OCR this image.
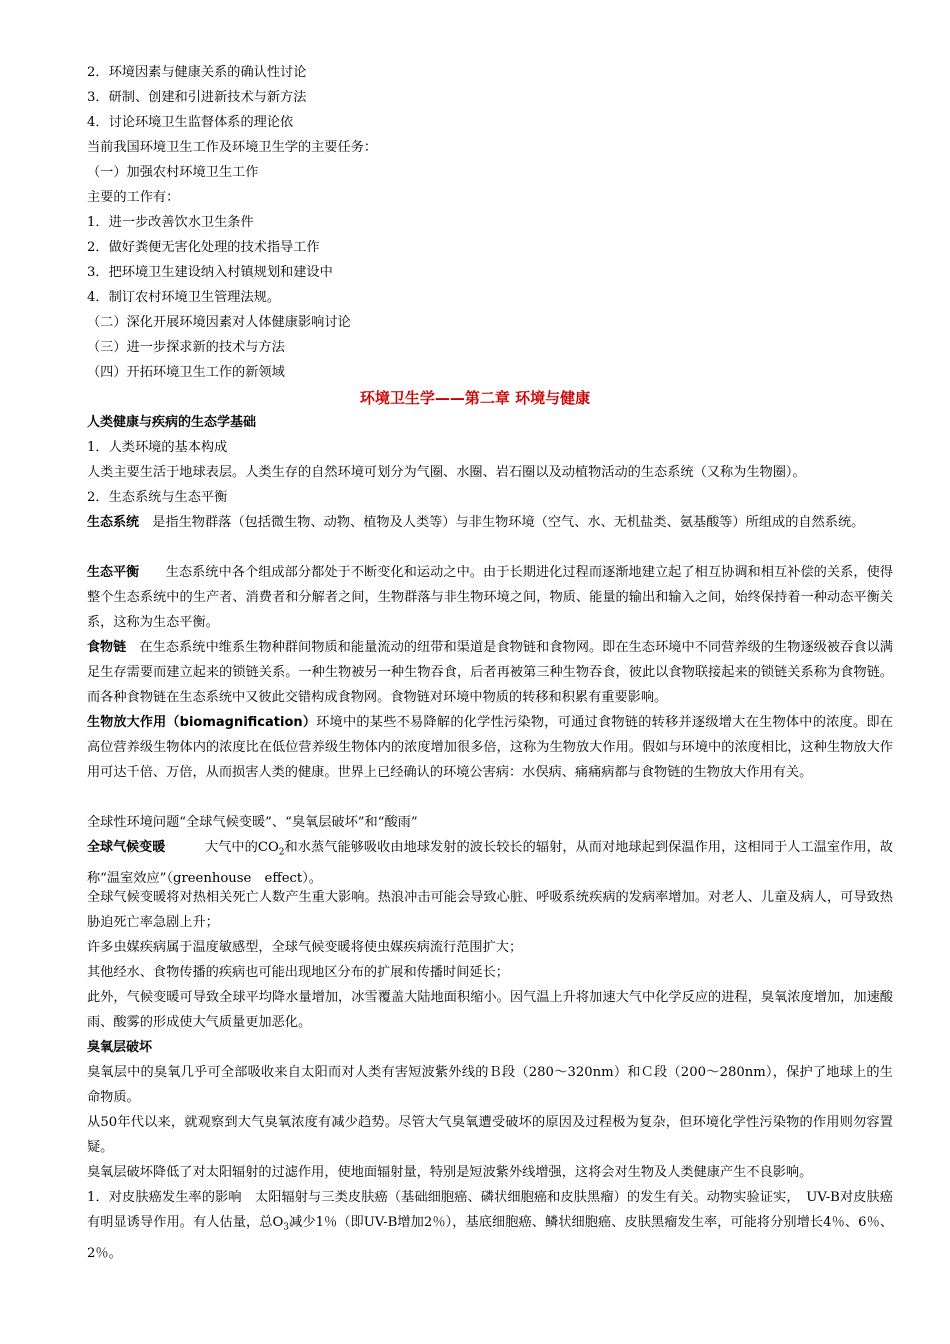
2．环境因素与健康关系的确认性讨论
3．研制、创建和引进新技术与新方法
4．讨论环境卫生监督体系的理论依
当前我国环境卫生工作及环境卫生学的主要任务：
（一）加强农村环境卫生工作
主要的工作有：
1．进一步改善饮水卫生条件
2．做好粪便无害化处理的技术指导工作
3．把环境卫生建设纳入村镇规划和建设中
4．制订农村环境卫生管理法规。
（二）深化开展环境因素对人体健康影响讨论
（三）进一步探求新的技术与方法
（四）开拓环境卫生工作的新领域
环境卫生学——第二章 环境与健康
人类健康与疾病的生态学基础
1．人类环境的基本构成
人类主要生活于地球表层。人类生存的自然环境可划分为气圈、水圈、岩石圈以及动植物活动的生态系统（又称为生物圈）。
2．生态系统与生态平衡
生态系统　 是指生物群落（包括微生物、动物、植物及人类等）与非生物环境（空气、水、无机盐类、氨基酸等）所组成的自然系统。
生态平衡　　 生态系统中各个组成部分都处于不断变化和运动之中。由于长期进化过程而逐渐地建立起了相互协调和相互补偿的关系，使得整个生态系统中的生产者、消费者和分解者之间，生物群落与非生物环境之间，物质、能量的输出和输入之间，始终保持着一种动态平衡关系，这称为生态平衡。
食物链　 在生态系统中维系生物种群间物质和能量流动的纽带和渠道是食物链和食物网。即在生态环境中不同营养级的生物逐级被吞食以满足生存需要而建立起来的锁链关系。一种生物被另一种生物吞食，后者再被第三种生物吞食，彼此以食物联接起来的锁链关系称为食物链。而各种食物链在生态系统中又彼此交错构成食物网。食物链对环境中物质的转移和积累有重要影响。
生物放大作用（biomagnification）环境中的某些不易降解的化学性污染物，可通过食物链的转移并逐级增大在生物体中的浓度。即在高位营养级生物体内的浓度比在低位营养级生物体内的浓度增加很多倍，这称为生物放大作用。假如与环境中的浓度相比，这种生物放大作用可达千倍、万倍，从而损害人类的健康。世界上已经确认的环境公害病：水俣病、痛痛病都与食物链的生物放大作用有关。
全球性环境问题“全球气候变暖”、“臭氧层破坏”和“酸雨”
全球气候变暖　　　	大气中的$CO_2$和水蒸气能够吸收由地球发射的波长较长的辐射，从而对地球起到保温作用，这相同于人工温室作用，故称“温室效应”（greenhouse　effect）。
全球气候变暖将对热相关死亡人数产生重大影响。热浪冲击可能会导致心脏、呼吸系统疾病的发病率增加。对老人、儿童及病人，可导致热胁迫死亡率急剧上升；
许多虫媒疾病属于温度敏感型，全球气候变暖将使虫媒疾病流行范围扩大；
其他经水、食物传播的疾病也可能出现地区分布的扩展和传播时间延长；
此外，气候变暖可导致全球平均降水量增加，冰雪覆盖大陆地面积缩小。因气温上升将加速大气中化学反应的进程，臭氧浓度增加，加速酸雨、酸雾的形成使大气质量更加恶化。
臭氧层破坏
臭氧层中的臭氧几乎可全部吸收来自太阳而对人类有害短波紫外线的Ｂ段（280～320nm）和Ｃ段（200～280nm），保护了地球上的生命物质。
从50年代以来，就观察到大气臭氧浓度有减少趋势。尽管大气臭氧遭受破坏的原因及过程极为复杂，但环境化学性污染物的作用则勿容置疑。
臭氧层破坏降低了对太阳辐射的过滤作用，使地面辐射量，特别是短波紫外线增强，这将会对生物及人类健康产生不良影响。
1．对皮肤癌发生率的影响　太阳辐射与三类皮肤癌（基础细胞癌、磷状细胞癌和皮肤黑瘤）的发生有关。动物实验证实，　UV-B对皮肤癌有明显诱导作用。有人估量，总$O_3$减少1％（即UV-B增加2％），基底细胞癌、鳞状细胞癌、皮肤黑瘤发生率，可能将分别增长4％、6％、2％。
